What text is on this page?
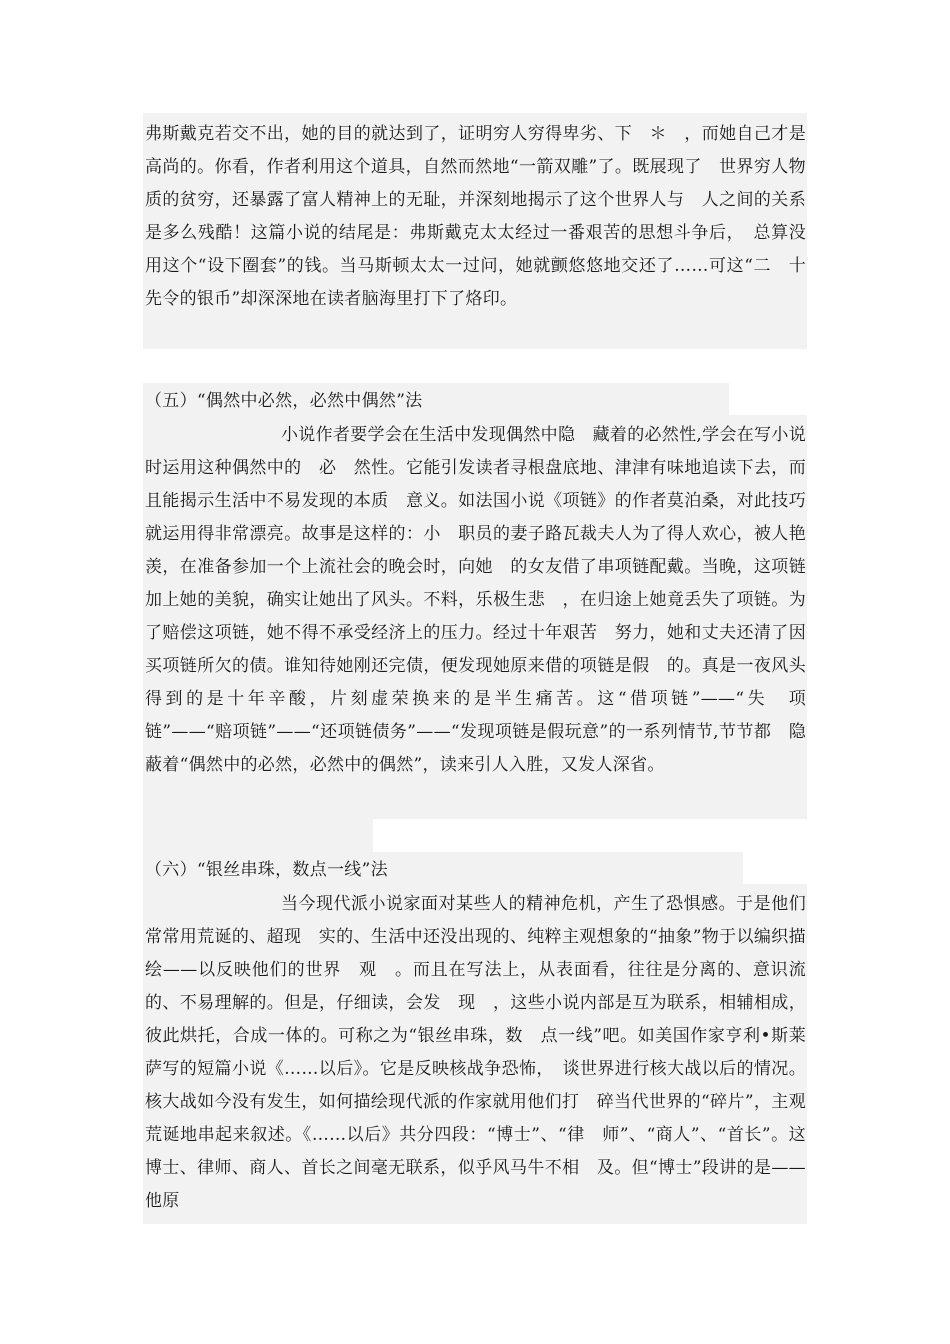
弗斯戴克若交不出，她的目的就达到了，证明穷人穷得卑劣、下　＊　，而她自己才是高尚的。你看，作者利用这个道具，自然而然地“一箭双雕”了。既展现了　世界穷人物质的贫穷，还暴露了富人精神上的无耻，并深刻地揭示了这个世界人与　人之间的关系是多么残酷！这篇小说的结尾是：弗斯戴克太太经过一番艰苦的思想斗争后，　总算没用这个“设下圈套”的钱。当马斯顿太太一过问，她就颤悠悠地交还了……可这“二　十先令的银币”却深深地在读者脑海里打下了烙印。

（五）“偶然中必然，必然中偶然”法

小说作者要学会在生活中发现偶然中隐　藏着的必然性,学会在写小说时运用这种偶然中的　必　然性。它能引发读者寻根盘底地、津津有味地追读下去，而且能揭示生活中不易发现的本质　意义。如法国小说《项链》的作者莫泊桑，对此技巧就运用得非常漂亮。故事是这样的：小　职员的妻子路瓦裁夫人为了得人欢心，被人艳羡，在准备参加一个上流社会的晚会时，向她　的女友借了串项链配戴。当晚，这项链加上她的美貌，确实让她出了风头。不料，乐极生悲　，在归途上她竟丢失了项链。为了赔偿这项链，她不得不承受经济上的压力。经过十年艰苦　努力，她和丈夫还清了因买项链所欠的债。谁知待她刚还完债，便发现她原来借的项链是假　的。真是一夜风头得到的是十年辛酸，片刻虚荣换来的是半生痛苦。这“借项链”——“失　项　链”——“赔项链”——“还项链债务”——“发现项链是假玩意”的一系列情节,节节都　隐蔽着“偶然中的必然，必然中的偶然”，读来引人入胜，又发人深省。

（六）“银丝串珠，数点一线”法

当今现代派小说家面对某些人的精神危机，产生了恐惧感。于是他们常常用荒诞的、超现　实的、生活中还没出现的、纯粹主观想象的“抽象”物于以编织描绘——以反映他们的世界　观　。而且在写法上，从表面看，往往是分离的、意识流的、不易理解的。但是，仔细读，会发　现　，这些小说内部是互为联系，相辅相成，彼此烘托，合成一体的。可称之为“银丝串珠，数　点一线”吧。如美国作家亨利•斯莱萨写的短篇小说《……以后》。它是反映核战争恐怖，　谈世界进行核大战以后的情况。核大战如今没有发生，如何描绘现代派的作家就用他们打　碎当代世界的“碎片”，主观荒诞地串起来叙述。《……以后》共分四段：“博士”、“律　师”、“商人”、“首长”。这博士、律师、商人、首长之间毫无联系，似乎风马牛不相　及。但“博士”段讲的是——他原
